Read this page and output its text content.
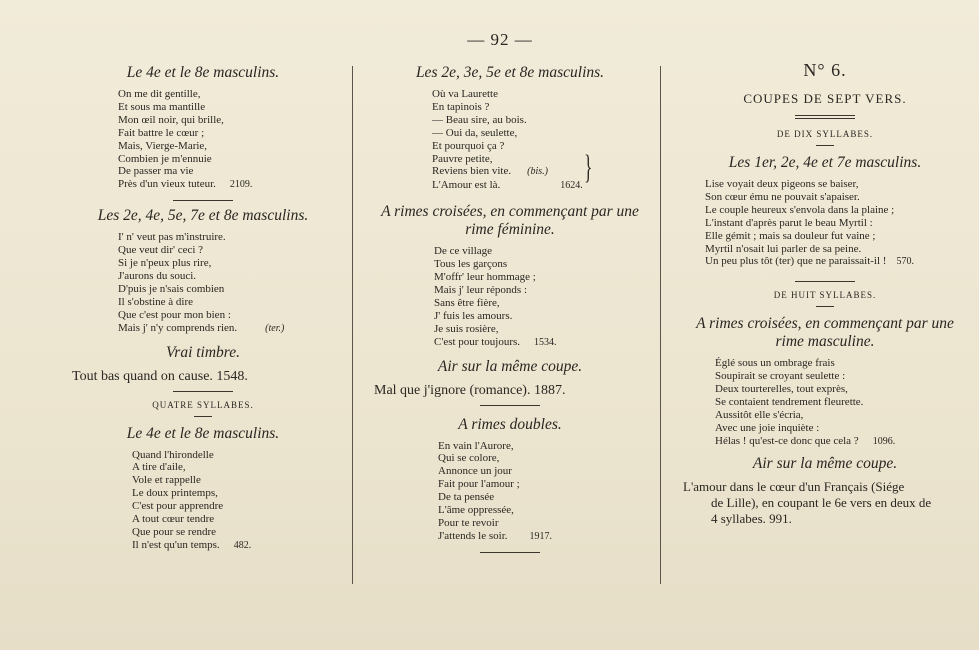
— 92 —
Le 4e et le 8e masculins.
On me dit gentille,
Et sous ma mantille
Mon œil noir, qui brille,
Fait battre le cœur ;
Mais, Vierge-Marie,
Combien je m'ennuie
De passer ma vie
Près d'un vieux tuteur. 2109.
Les 2e, 4e, 5e, 7e et 8e masculins.
I' n' veut pas m'instruire.
Que veut dir' ceci ?
Si je n'peux plus rire,
J'aurons du souci.
D'puis je n'sais combien
Il s'obstine à dire
Que c'est pour mon bien :
Mais j' n'y comprends rien.	(ter.)
Vrai timbre.
Tout bas quand on cause. 1548.
QUATRE SYLLABES.
Le 4e et le 8e masculins.
Quand l'hirondelle
A tire d'aile,
Vole et rappelle
Le doux printemps,
C'est pour apprendre
A tout cœur tendre
Que pour se rendre
Il n'est qu'un temps. 482.
Les 2e, 3e, 5e et 8e masculins.
Où va Laurette
En tapinois ?
— Beau sire, au bois.
— Oui da, seulette,
Et pourquoi ça ?
Pauvre petite,
Reviens bien vite. (bis.)
L'Amour est là.	1624.
}
A rimes croisées, en commençant par une rime féminine.
De ce village
Tous les garçons
M'offr' leur hommage ;
Mais j' leur réponds :
Sans être fière,
J' fuis les amours.
Je suis rosière,
C'est pour toujours. 1534.
Air sur la même coupe.
Mal que j'ignore (romance). 1887.
A rimes doubles.
En vain l'Aurore,
Qui se colore,
Annonce un jour
Fait pour l'amour ;
De ta pensée
L'âme oppressée,
Pour te revoir
J'attends le soir. 1917.
N° 6.
COUPES DE SEPT VERS.
DE DIX SYLLABES.
Les 1er, 2e, 4e et 7e masculins.
Lise voyait deux pigeons se baiser,
Son cœur ému ne pouvait s'apaiser.
Le couple heureux s'envola dans la plaine ;
L'instant d'après parut le beau Myrtil :
Elle gémit ; mais sa douleur fut vaine ;
Myrtil n'osait lui parler de sa peine.
Un peu plus tôt (ter) que ne paraissait-il ! 570.
DE HUIT SYLLABES.
A rimes croisées, en commençant par une rime masculine.
Églé sous un ombrage frais
Soupirait se croyant seulette :
Deux tourterelles, tout exprès,
Se contaient tendrement fleurette.
Aussitôt elle s'écria,
Avec une joie inquiète :
Hélas ! qu'est-ce donc que cela ? 1096.
Air sur la même coupe.
L'amour dans le cœur d'un Français (Siége
de Lille), en coupant le 6e vers en deux de
4 syllabes. 991.
